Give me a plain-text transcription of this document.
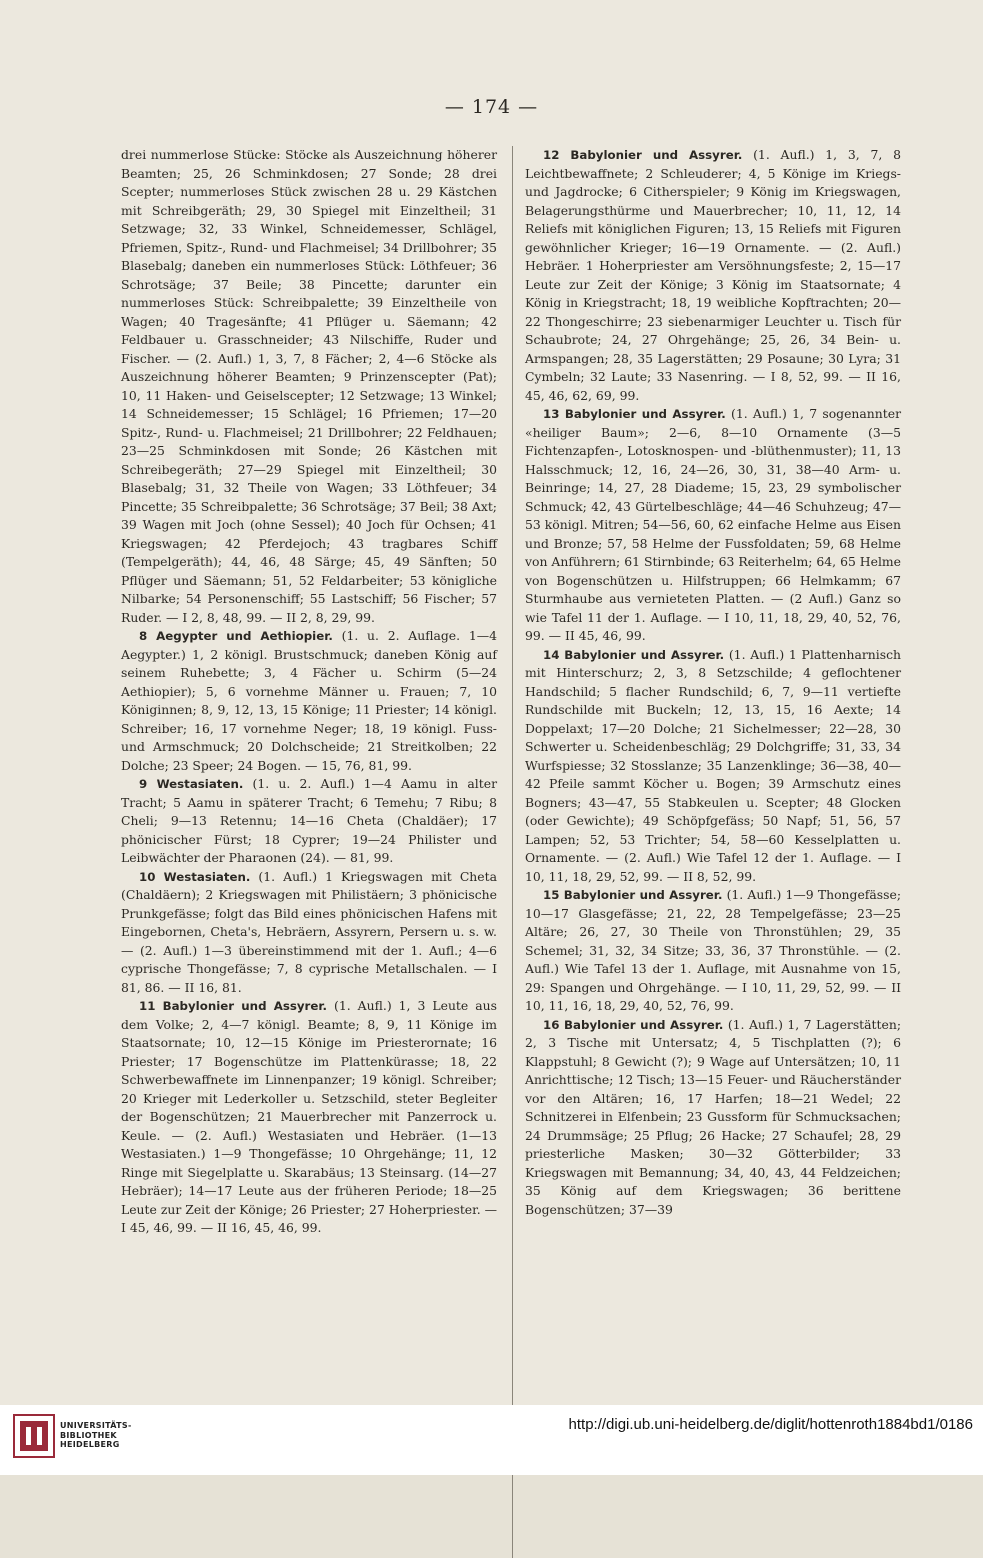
— 174 —

drei nummerlose Stücke: Stöcke als Auszeichnung höherer Beamten; 25, 26 Schminkdosen; 27 Sonde; 28 drei Scepter; nummerloses Stück zwischen 28 u. 29 Kästchen mit Schreibgeräth; 29, 30 Spiegel mit Einzeltheil; 31 Setzwage; 32, 33 Winkel, Schneidemesser, Schlägel, Pfriemen, Spitz-, Rund- und Flachmeisel; 34 Drillbohrer; 35 Blasebalg; daneben ein nummerloses Stück: Löthfeuer; 36 Schrotsäge; 37 Beile; 38 Pincette; darunter ein nummerloses Stück: Schreibpalette; 39 Einzeltheile von Wagen; 40 Tragesänfte; 41 Pflüger u. Säemann; 42 Feldbauer u. Grasschneider; 43 Nilschiffe, Ruder und Fischer. — (2. Aufl.) 1, 3, 7, 8 Fächer; 2, 4—6 Stöcke als Auszeichnung höherer Beamten; 9 Prinzenscepter (Pat); 10, 11 Haken- und Geiselscepter; 12 Setzwage; 13 Winkel; 14 Schneidemesser; 15 Schlägel; 16 Pfriemen; 17—20 Spitz-, Rund- u. Flachmeisel; 21 Drillbohrer; 22 Feldhauen; 23—25 Schminkdosen mit Sonde; 26 Kästchen mit Schreibegeräth; 27—29 Spiegel mit Einzeltheil; 30 Blasebalg; 31, 32 Theile von Wagen; 33 Löthfeuer; 34 Pincette; 35 Schreibpalette; 36 Schrotsäge; 37 Beil; 38 Axt; 39 Wagen mit Joch (ohne Sessel); 40 Joch für Ochsen; 41 Kriegswagen; 42 Pferdejoch; 43 tragbares Schiff (Tempelgeräth); 44, 46, 48 Särge; 45, 49 Sänften; 50 Pflüger und Säemann; 51, 52 Feldarbeiter; 53 königliche Nilbarke; 54 Personenschiff; 55 Lastschiff; 56 Fischer; 57 Ruder. — I 2, 8, 48, 99. — II 2, 8, 29, 99.

8 Aegypter und Aethiopier. (1. u. 2. Auflage. 1—4 Aegypter.) 1, 2 königl. Brustschmuck; daneben König auf seinem Ruhebette; 3, 4 Fächer u. Schirm (5—24 Aethiopier); 5, 6 vornehme Männer u. Frauen; 7, 10 Königinnen; 8, 9, 12, 13, 15 Könige; 11 Priester; 14 königl. Schreiber; 16, 17 vornehme Neger; 18, 19 königl. Fuss- und Armschmuck; 20 Dolchscheide; 21 Streitkolben; 22 Dolche; 23 Speer; 24 Bogen. — 15, 76, 81, 99.

9 Westasiaten. (1. u. 2. Aufl.) 1—4 Aamu in alter Tracht; 5 Aamu in späterer Tracht; 6 Temehu; 7 Ribu; 8 Cheli; 9—13 Retennu; 14—16 Cheta (Chaldäer); 17 phönicischer Fürst; 18 Cyprer; 19—24 Philister und Leibwächter der Pharaonen (24). — 81, 99.

10 Westasiaten. (1. Aufl.) 1 Kriegswagen mit Cheta (Chaldäern); 2 Kriegswagen mit Philistäern; 3 phönicische Prunkgefässe; folgt das Bild eines phönicischen Hafens mit Eingebornen, Cheta's, Hebräern, Assyrern, Persern u. s. w. — (2. Aufl.) 1—3 übereinstimmend mit der 1. Aufl.; 4—6 cyprische Thongefässe; 7, 8 cyprische Metallschalen. — I 81, 86. — II 16, 81.

11 Babylonier und Assyrer. (1. Aufl.) 1, 3 Leute aus dem Volke; 2, 4—7 königl. Beamte; 8, 9, 11 Könige im Staatsornate; 10, 12—15 Könige im Priesterornate; 16 Priester; 17 Bogenschütze im Plattenkürasse; 18, 22 Schwerbewaffnete im Linnenpanzer; 19 königl. Schreiber; 20 Krieger mit Lederkoller u. Setzschild, steter Begleiter der Bogenschützen; 21 Mauerbrecher mit Panzerrock u. Keule. — (2. Aufl.) Westasiaten und Hebräer. (1—13 Westasiaten.) 1—9 Thongefässe; 10 Ohrgehänge; 11, 12 Ringe mit Siegelplatte u. Skarabäus; 13 Steinsarg. (14—27 Hebräer); 14—17 Leute aus der früheren Periode; 18—25 Leute zur Zeit der Könige; 26 Priester; 27 Hoherpriester. — I 45, 46, 99. — II 16, 45, 46, 99.

12 Babylonier und Assyrer. (1. Aufl.) 1, 3, 7, 8 Leichtbewaffnete; 2 Schleuderer; 4, 5 Könige im Kriegs- und Jagdrocke; 6 Citherspieler; 9 König im Kriegswagen, Belagerungsthürme und Mauerbrecher; 10, 11, 12, 14 Reliefs mit königlichen Figuren; 13, 15 Reliefs mit Figuren gewöhnlicher Krieger; 16—19 Ornamente. — (2. Aufl.) Hebräer. 1 Hoherpriester am Versöhnungsfeste; 2, 15—17 Leute zur Zeit der Könige; 3 König im Staatsornate; 4 König in Kriegstracht; 18, 19 weibliche Kopftrachten; 20—22 Thongeschirre; 23 siebenarmiger Leuchter u. Tisch für Schaubrote; 24, 27 Ohrgehänge; 25, 26, 34 Bein- u. Armspangen; 28, 35 Lagerstätten; 29 Posaune; 30 Lyra; 31 Cymbeln; 32 Laute; 33 Nasenring. — I 8, 52, 99. — II 16, 45, 46, 62, 69, 99.

13 Babylonier und Assyrer. (1. Aufl.) 1, 7 sogenannter «heiliger Baum»; 2—6, 8—10 Ornamente (3—5 Fichtenzapfen-, Lotosknospen- und -blüthenmuster); 11, 13 Halsschmuck; 12, 16, 24—26, 30, 31, 38—40 Arm- u. Beinringe; 14, 27, 28 Diademe; 15, 23, 29 symbolischer Schmuck; 42, 43 Gürtelbeschläge; 44—46 Schuhzeug; 47—53 königl. Mitren; 54—56, 60, 62 einfache Helme aus Eisen und Bronze; 57, 58 Helme der Fussfoldaten; 59, 68 Helme von Anführern; 61 Stirnbinde; 63 Reiterhelm; 64, 65 Helme von Bogenschützen u. Hilfstruppen; 66 Helmkamm; 67 Sturmhaube aus vernieteten Platten. — (2 Aufl.) Ganz so wie Tafel 11 der 1. Auflage. — I 10, 11, 18, 29, 40, 52, 76, 99. — II 45, 46, 99.

14 Babylonier und Assyrer. (1. Aufl.) 1 Plattenharnisch mit Hinterschurz; 2, 3, 8 Setzschilde; 4 geflochtener Handschild; 5 flacher Rundschild; 6, 7, 9—11 vertiefte Rundschilde mit Buckeln; 12, 13, 15, 16 Aexte; 14 Doppelaxt; 17—20 Dolche; 21 Sichelmesser; 22—28, 30 Schwerter u. Scheidenbeschläg; 29 Dolchgriffe; 31, 33, 34 Wurfspiesse; 32 Stosslanze; 35 Lanzenklinge; 36—38, 40—42 Pfeile sammt Köcher u. Bogen; 39 Armschutz eines Bogners; 43—47, 55 Stabkeulen u. Scepter; 48 Glocken (oder Gewichte); 49 Schöpfgefäss; 50 Napf; 51, 56, 57 Lampen; 52, 53 Trichter; 54, 58—60 Kesselplatten u. Ornamente. — (2. Aufl.) Wie Tafel 12 der 1. Auflage. — I 10, 11, 18, 29, 52, 99. — II 8, 52, 99.

15 Babylonier und Assyrer. (1. Aufl.) 1—9 Thongefässe; 10—17 Glasgefässe; 21, 22, 28 Tempelgefässe; 23—25 Altäre; 26, 27, 30 Theile von Thronstühlen; 29, 35 Schemel; 31, 32, 34 Sitze; 33, 36, 37 Thronstühle. — (2. Aufl.) Wie Tafel 13 der 1. Auflage, mit Ausnahme von 15, 29: Spangen und Ohrgehänge. — I 10, 11, 29, 52, 99. — II 10, 11, 16, 18, 29, 40, 52, 76, 99.

16 Babylonier und Assyrer. (1. Aufl.) 1, 7 Lagerstätten; 2, 3 Tische mit Untersatz; 4, 5 Tischplatten (?); 6 Klappstuhl; 8 Gewicht (?); 9 Wage auf Untersätzen; 10, 11 Anrichttische; 12 Tisch; 13—15 Feuer- und Räucherständer vor den Altären; 16, 17 Harfen; 18—21 Wedel; 22 Schnitzerei in Elfenbein; 23 Gussform für Schmucksachen; 24 Drummsäge; 25 Pflug; 26 Hacke; 27 Schaufel; 28, 29 priesterliche Masken; 30—32 Götterbilder; 33 Kriegswagen mit Bemannung; 34, 40, 43, 44 Feldzeichen; 35 König auf dem Kriegswagen; 36 berittene Bogenschützen; 37—39

UNIVERSITÄTS-
BIBLIOTHEK
HEIDELBERG
http://digi.ub.uni-heidelberg.de/diglit/hottenroth1884bd1/0186
